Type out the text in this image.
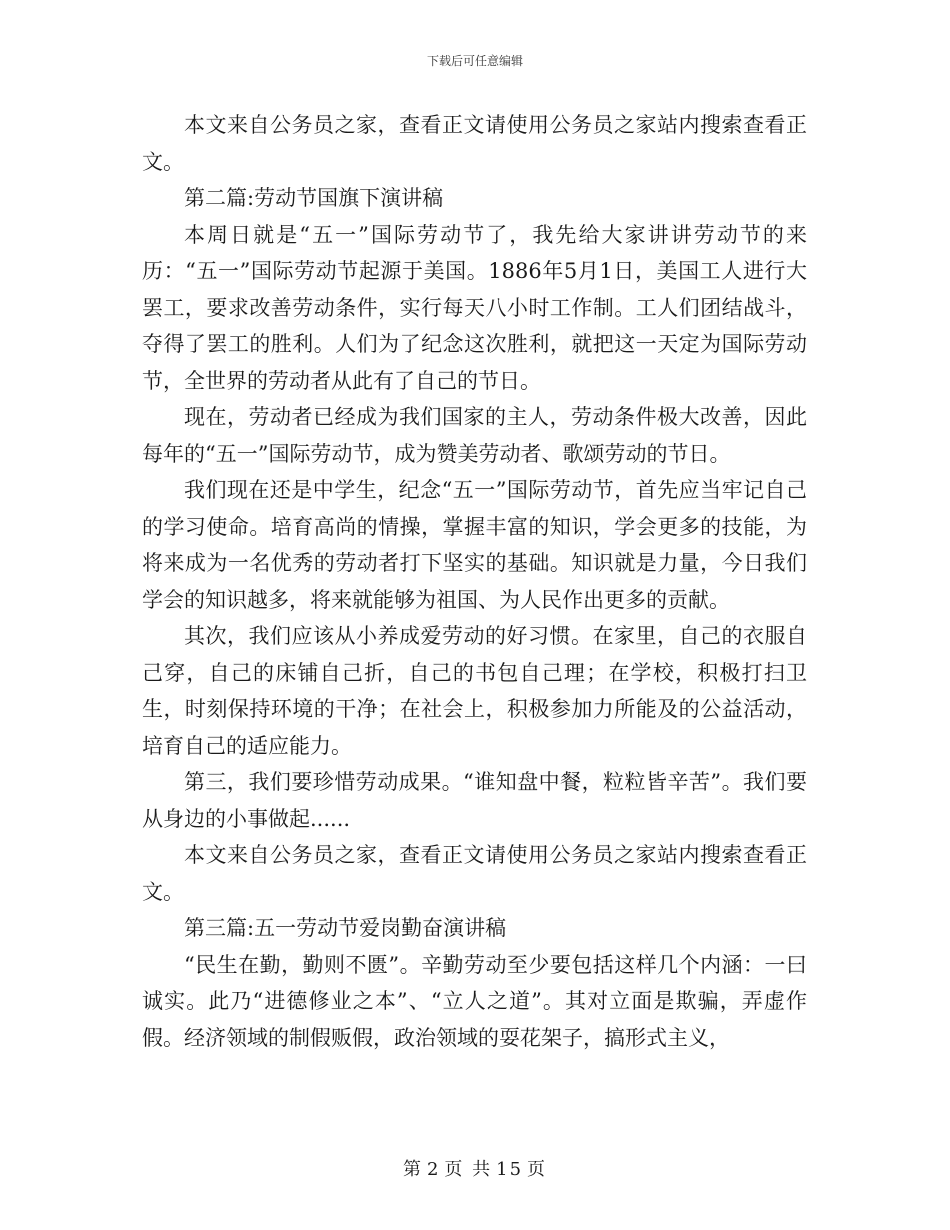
下载后可任意编辑

本文来自公务员之家，查看正文请使用公务员之家站内搜索查看正文。

第二篇:劳动节国旗下演讲稿

本周日就是“五一”国际劳动节了，我先给大家讲讲劳动节的来历：“五一”国际劳动节起源于美国。1886年5月1日，美国工人进行大罢工，要求改善劳动条件，实行每天八小时工作制。工人们团结战斗，夺得了罢工的胜利。人们为了纪念这次胜利，就把这一天定为国际劳动节，全世界的劳动者从此有了自己的节日。

现在，劳动者已经成为我们国家的主人，劳动条件极大改善，因此每年的“五一”国际劳动节，成为赞美劳动者、歌颂劳动的节日。

我们现在还是中学生，纪念“五一”国际劳动节，首先应当牢记自己的学习使命。培育高尚的情操，掌握丰富的知识，学会更多的技能，为将来成为一名优秀的劳动者打下坚实的基础。知识就是力量，今日我们学会的知识越多，将来就能够为祖国、为人民作出更多的贡献。

其次，我们应该从小养成爱劳动的好习惯。在家里，自己的衣服自己穿，自己的床铺自己折，自己的书包自己理；在学校，积极打扫卫生，时刻保持环境的干净；在社会上，积极参加力所能及的公益活动，培育自己的适应能力。

第三，我们要珍惜劳动成果。“谁知盘中餐，粒粒皆辛苦”。我们要从身边的小事做起......

本文来自公务员之家，查看正文请使用公务员之家站内搜索查看正文。

第三篇:五一劳动节爱岗勤奋演讲稿

“民生在勤，勤则不匮”。辛勤劳动至少要包括这样几个内涵：一曰诚实。此乃“进德修业之本”、“立人之道”。其对立面是欺骗，弄虚作假。经济领域的制假贩假，政治领域的耍花架子，搞形式主义，

第 2 页 共 15 页
